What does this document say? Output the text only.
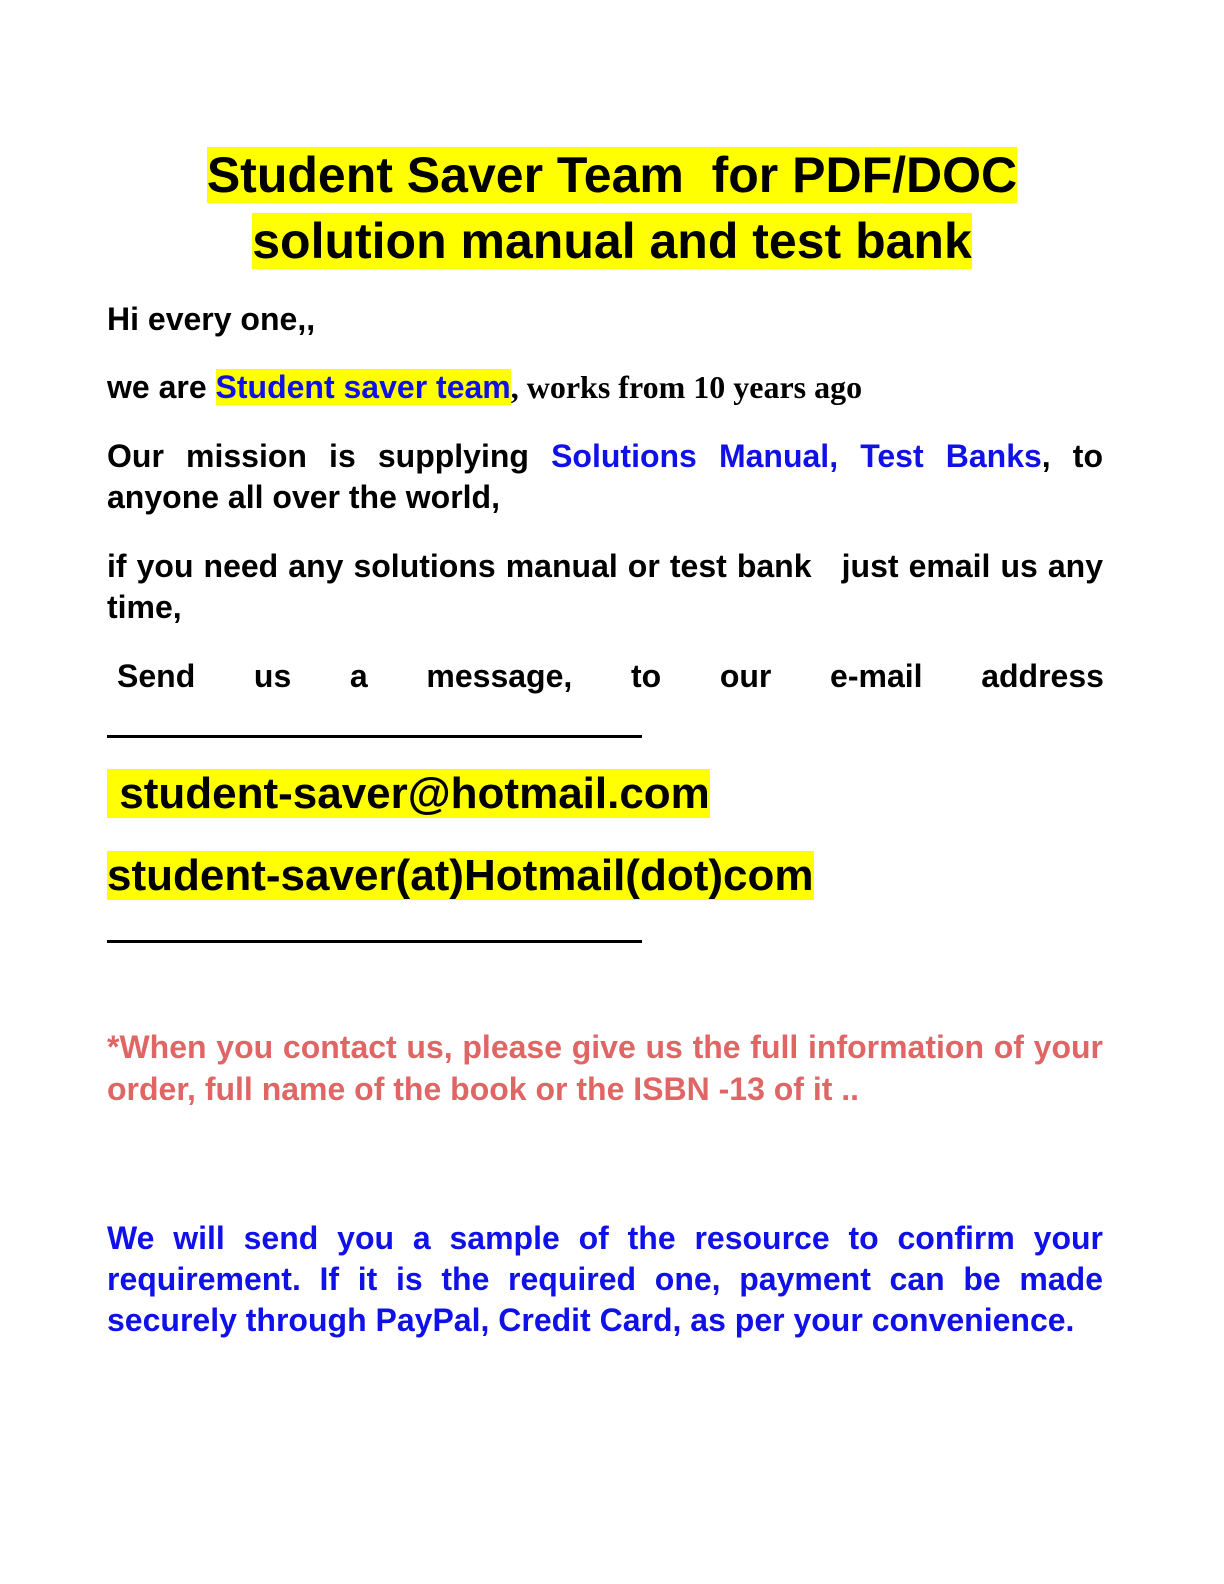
Student Saver Team  for PDF/DOC
solution manual and test bank

Hi every one,,

we are Student saver team, works from 10 years ago

Our mission is supplying Solutions Manual, Test Banks, to anyone all over the world,

if you need any solutions manual or test bank   just email us any time,

Send us a message, to our e-mail address

student-saver@hotmail.com

student-saver(at)Hotmail(dot)com

*When you contact us, please give us the full information of your order, full name of the book or the ISBN -13 of it ..

We will send you a sample of the resource to confirm your requirement. If it is the required one, payment can be made securely through PayPal, Credit Card, as per your convenience.
